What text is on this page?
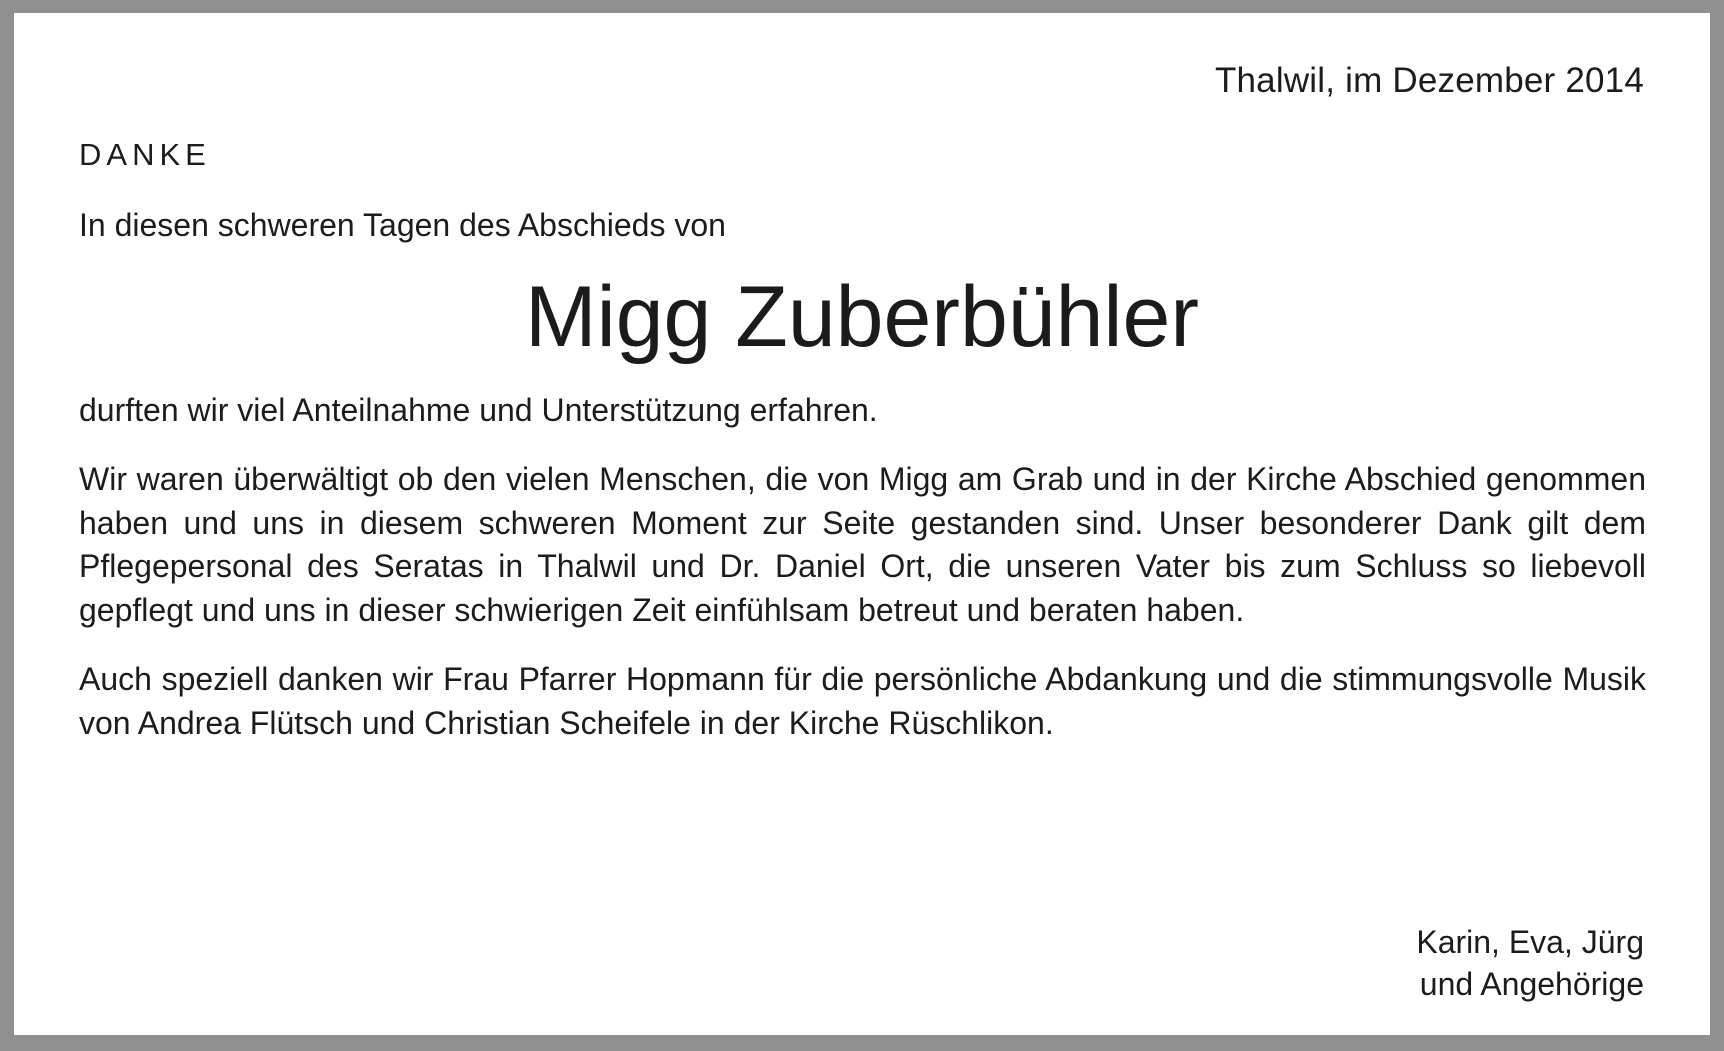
Thalwil, im Dezember 2014
DANKE
In diesen schweren Tagen des Abschieds von
Migg Zuberbühler
durften wir viel Anteilnahme und Unterstützung erfahren.
Wir waren überwältigt ob den vielen Menschen, die von Migg am Grab und in der Kirche Abschied genommen haben und uns in diesem schweren Moment zur Seite gestanden sind. Unser besonderer Dank gilt dem Pflegepersonal des Seratas in Thalwil und Dr. Daniel Ort, die unseren Vater bis zum Schluss so liebevoll gepflegt und uns in dieser schwierigen Zeit einfühlsam betreut und beraten haben.
Auch speziell danken wir Frau Pfarrer Hopmann für die persönliche Abdankung und die stimmungsvolle Musik von Andrea Flütsch und Christian Scheifele in der Kirche Rüschlikon.
Karin, Eva, Jürg
und Angehörige
